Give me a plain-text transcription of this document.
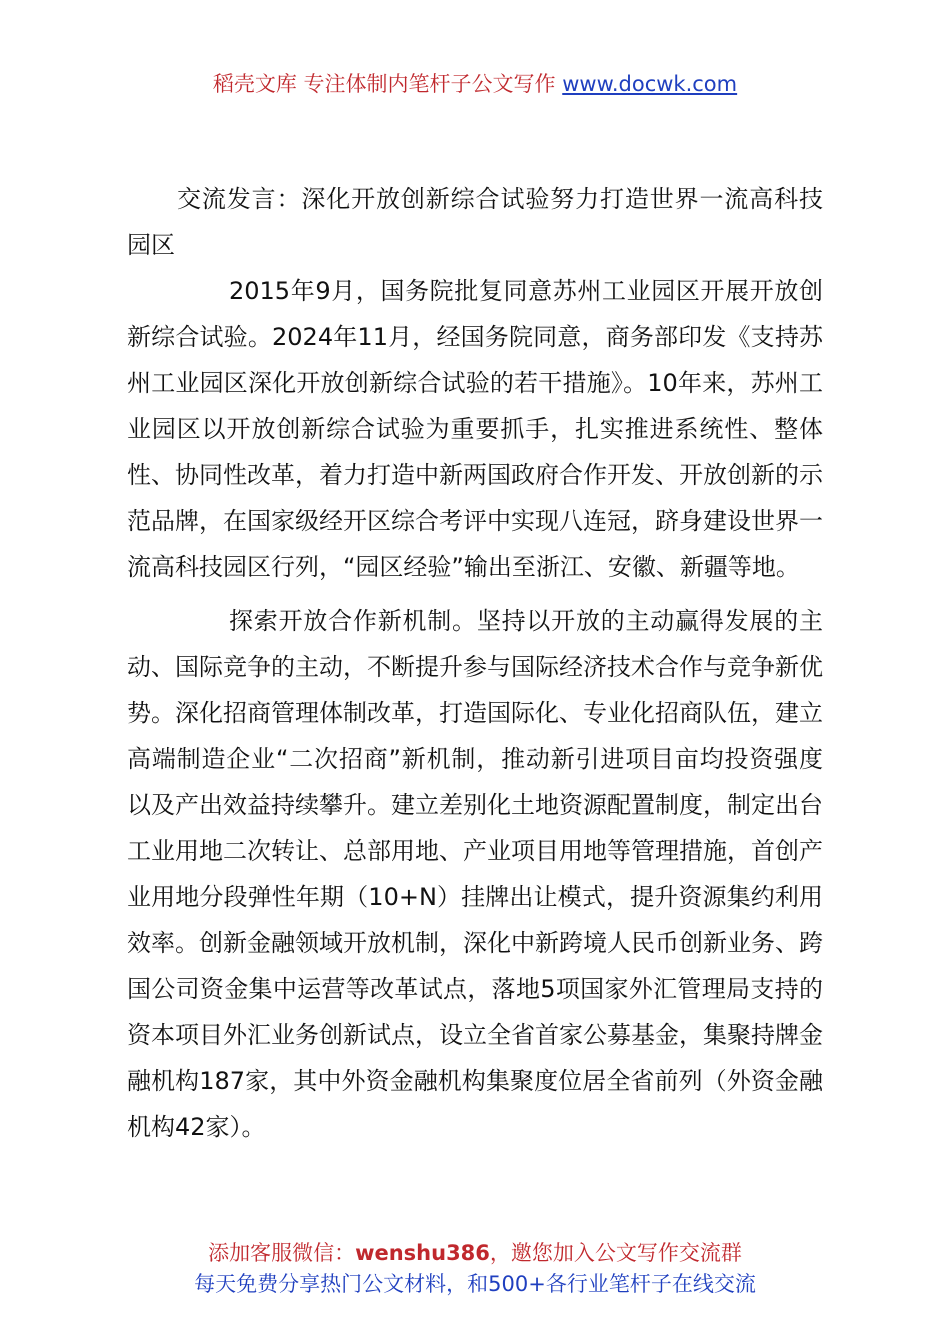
稻壳文库 专注体制内笔杆子公文写作 www.docwk.com

交流发言：深化开放创新综合试验努力打造世界一流高科技园区

2015年9月，国务院批复同意苏州工业园区开展开放创新综合试验。2024年11月，经国务院同意，商务部印发《支持苏州工业园区深化开放创新综合试验的若干措施》。10年来，苏州工业园区以开放创新综合试验为重要抓手，扎实推进系统性、整体性、协同性改革，着力打造中新两国政府合作开发、开放创新的示范品牌，在国家级经开区综合考评中实现八连冠，跻身建设世界一流高科技园区行列，“园区经验”输出至浙江、安徽、新疆等地。

探索开放合作新机制。坚持以开放的主动赢得发展的主动、国际竞争的主动，不断提升参与国际经济技术合作与竞争新优势。深化招商管理体制改革，打造国际化、专业化招商队伍，建立高端制造企业“二次招商”新机制，推动新引进项目亩均投资强度以及产出效益持续攀升。建立差别化土地资源配置制度，制定出台工业用地二次转让、总部用地、产业项目用地等管理措施，首创产业用地分段弹性年期（10+N）挂牌出让模式，提升资源集约利用效率。创新金融领域开放机制，深化中新跨境人民币创新业务、跨国公司资金集中运营等改革试点，落地5项国家外汇管理局支持的资本项目外汇业务创新试点，设立全省首家公募基金，集聚持牌金融机构187家，其中外资金融机构集聚度位居全省前列（外资金融机构42家）。

添加客服微信：wenshu386，邀您加入公文写作交流群
每天免费分享热门公文材料，和500+各行业笔杆子在线交流
